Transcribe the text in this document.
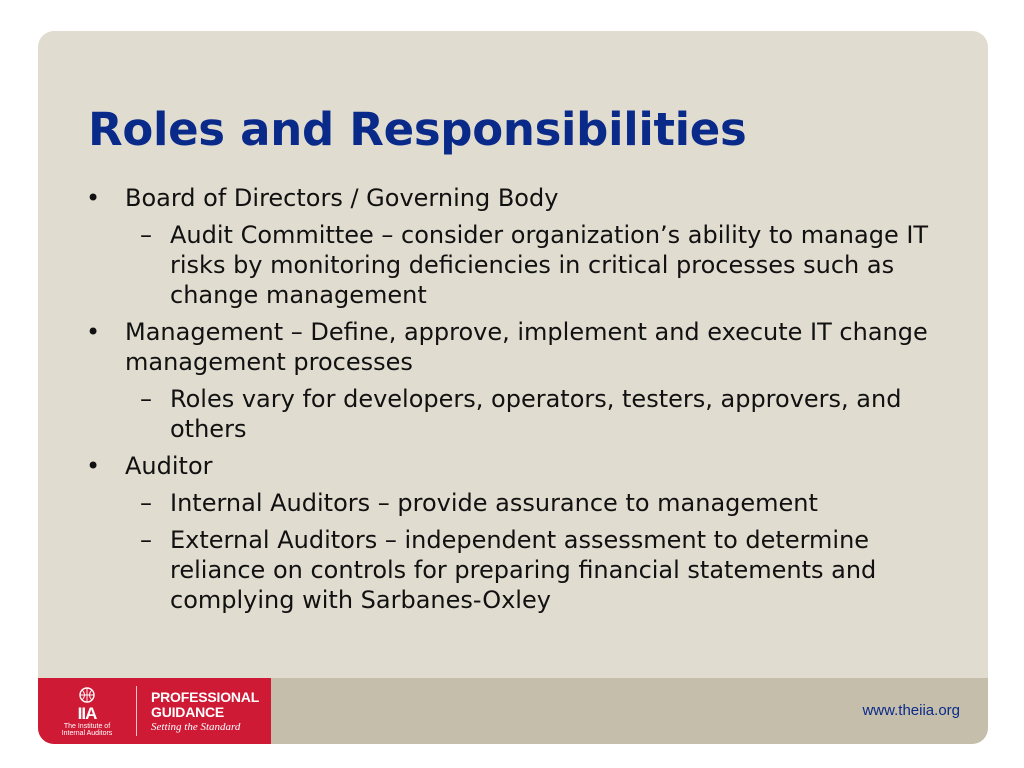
Roles and Responsibilities
• Board of Directors / Governing Body
– Audit Committee – consider organization’s ability to manage IT risks by monitoring deficiencies in critical processes such as change management
• Management – Define, approve, implement and execute IT change management processes
– Roles vary for developers, operators, testers, approvers, and others
• Auditor
– Internal Auditors – provide assurance to management
– External Auditors – independent assessment to determine reliance on controls for preparing financial statements and complying with Sarbanes-Oxley
IIA
The Institute of
Internal Auditors
PROFESSIONAL
GUIDANCE
Setting the Standard
www.theiia.org
